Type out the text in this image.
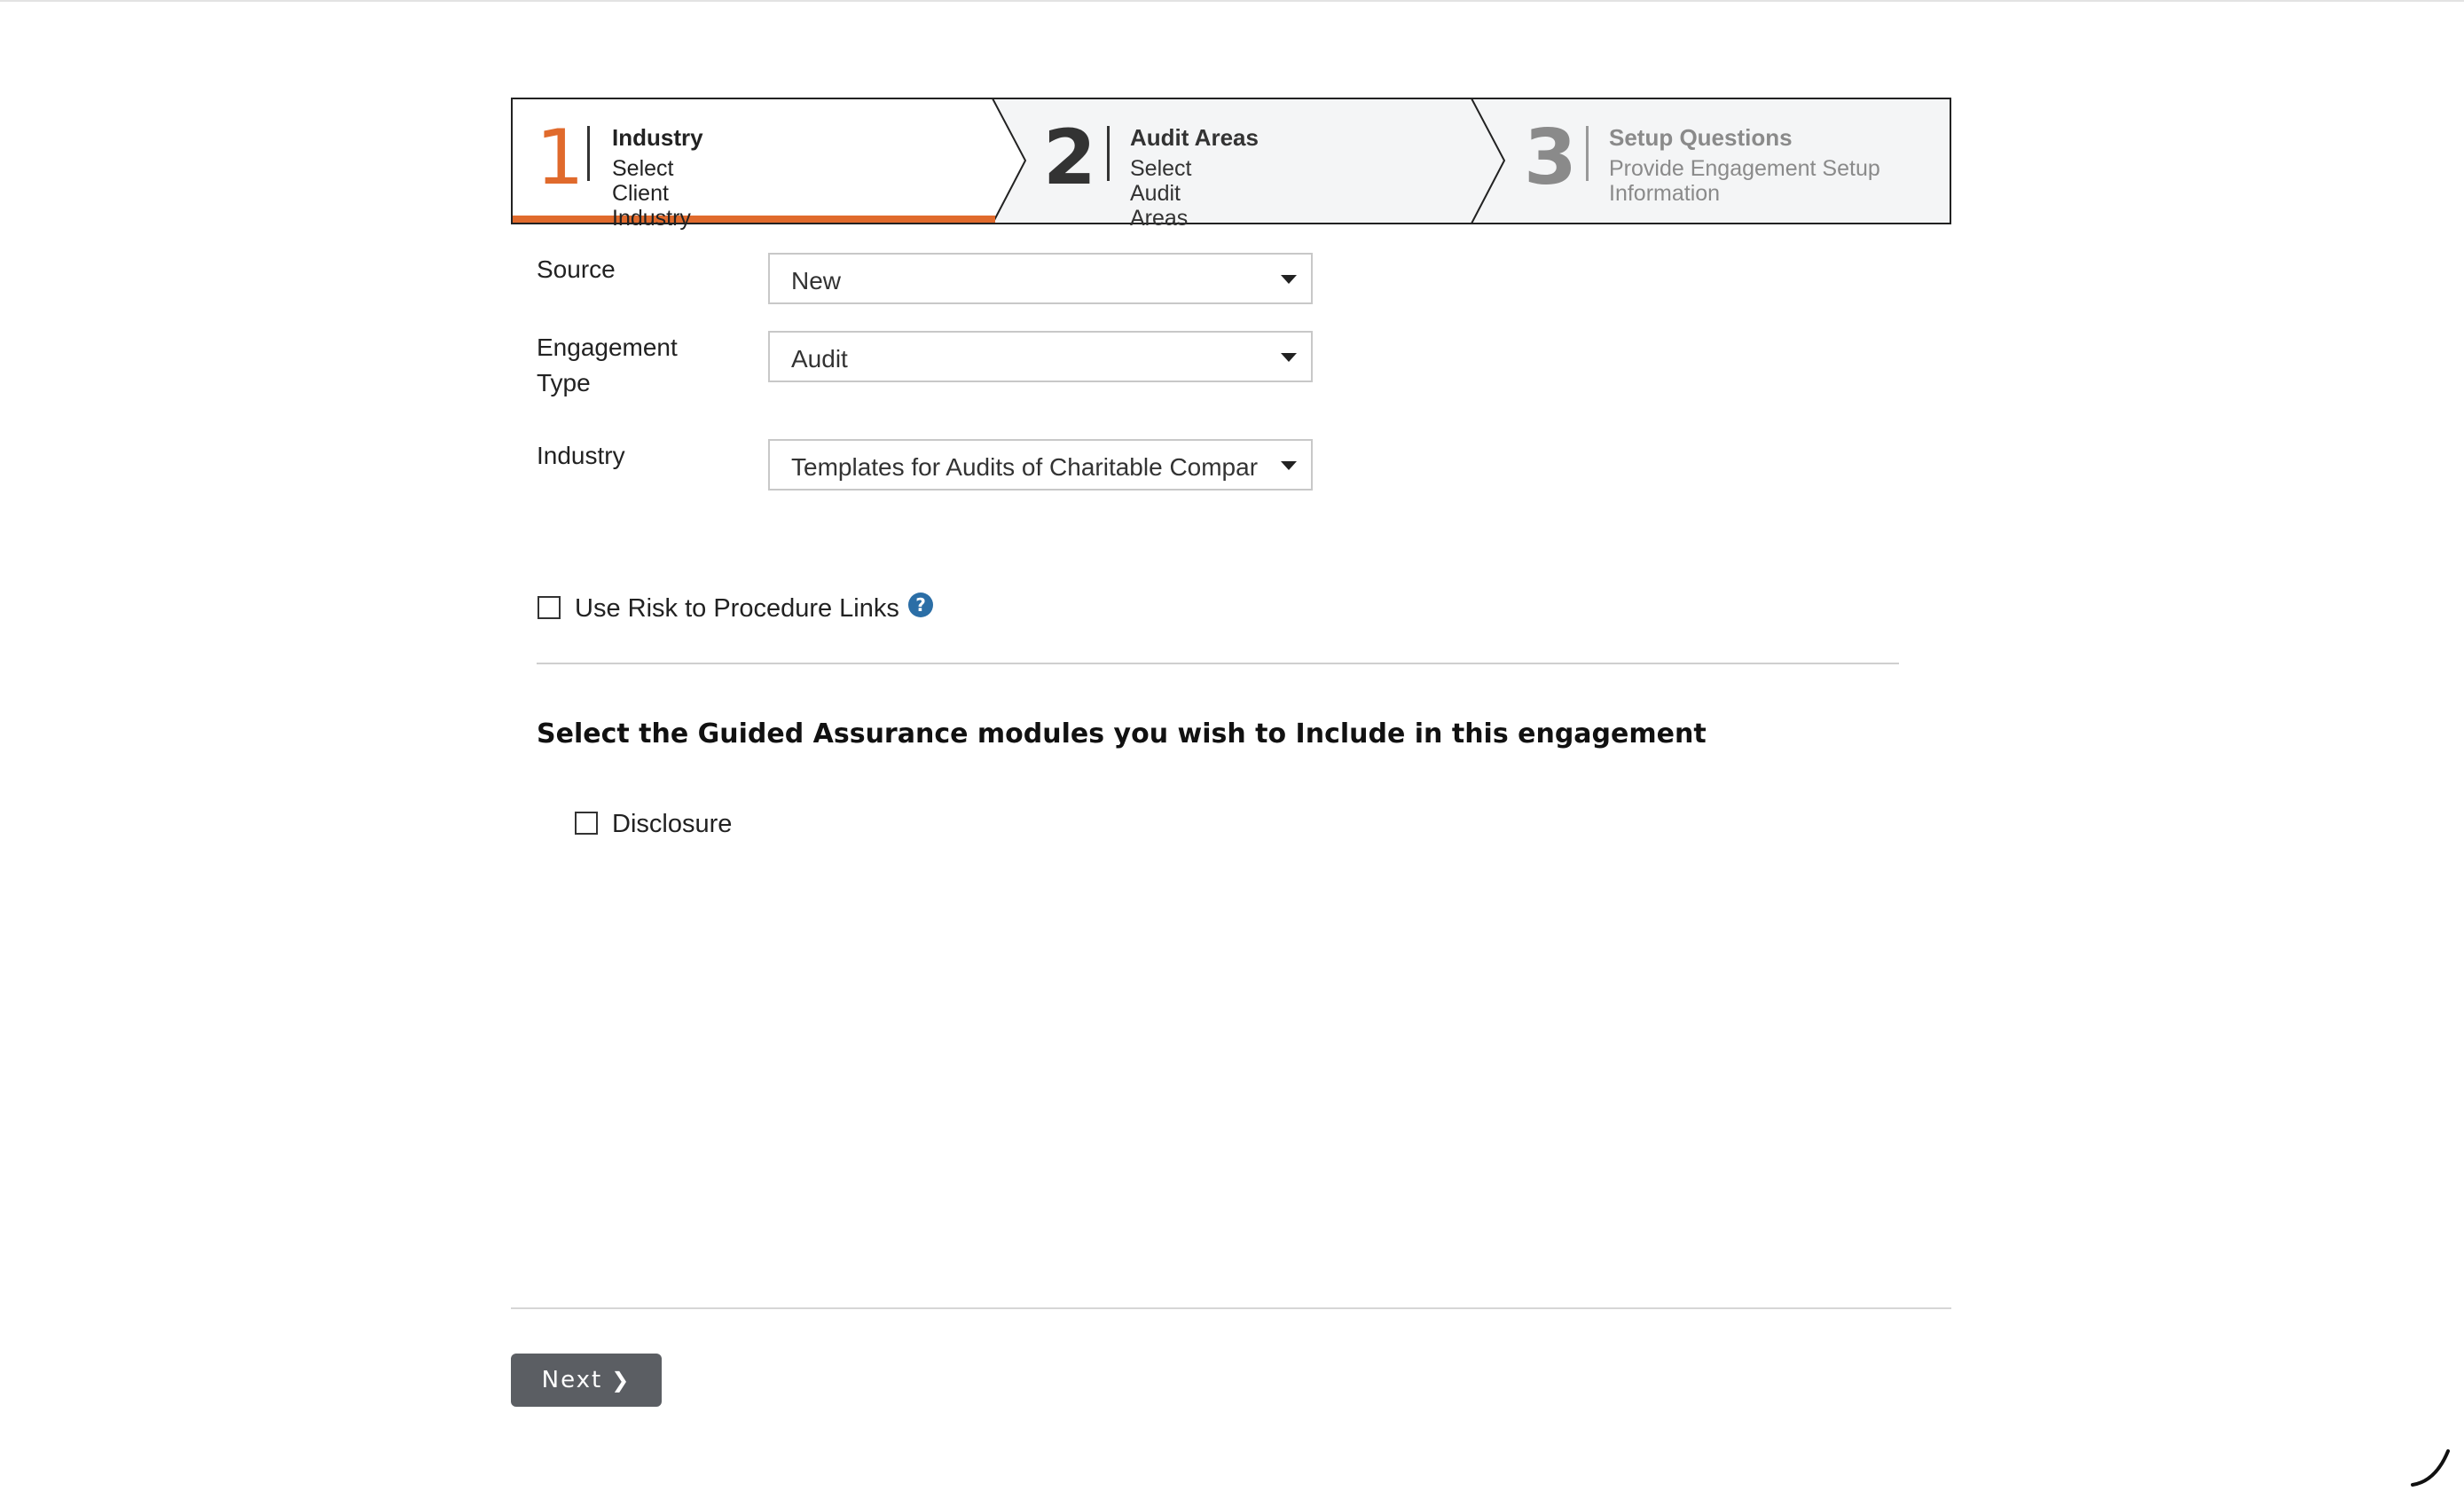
1 Industry
Select Client Industry
2 Audit Areas
Select Audit Areas
3 Setup Questions
Provide Engagement Setup Information
Source	New
Engagement
Type
Audit
Industry	Templates for Audits of Charitable Compar
Use Risk to Procedure Links ?
Select the Guided Assurance modules you wish to Include in this engagement
Disclosure
Next ❯
